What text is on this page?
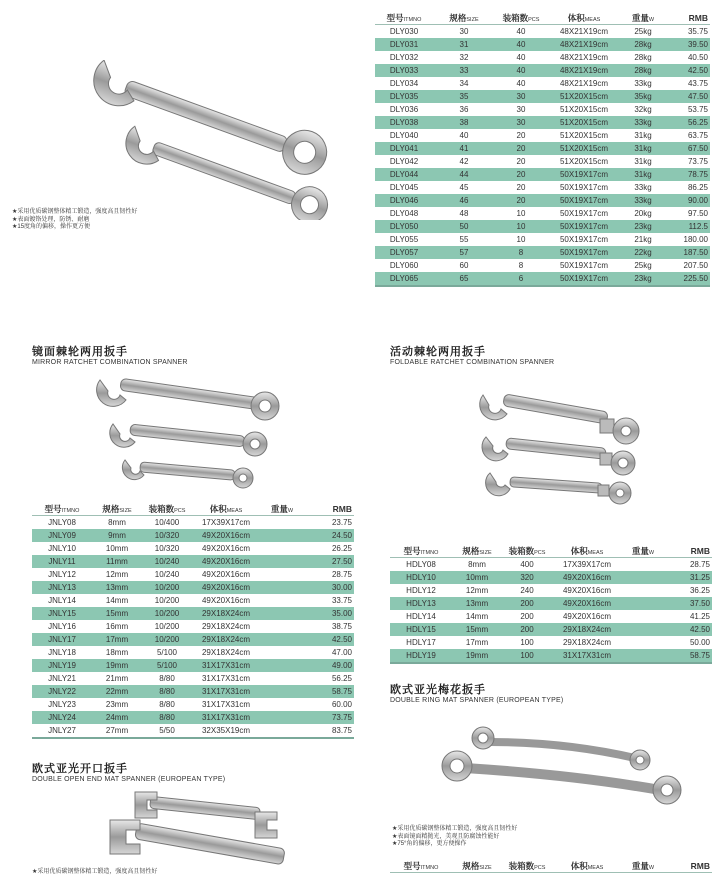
★采用优质碳钢整体精工锻造，强度高且韧性好
★表面镀铬处理，防锈、耐磨
★15度角的偏移，操作更方便
型号ITMNO	规格SIZE	装箱数PCS	体积MEAS	重量W	RMB
DLY030	30	40	48X21X19cm	25kg	35.75
DLY031	31	40	48X21X19cm	28kg	39.50
DLY032	32	40	48X21X19cm	28kg	40.50
DLY033	33	40	48X21X19cm	28kg	42.50
DLY034	34	40	48X21X19cm	33kg	43.75
DLY035	35	30	51X20X15cm	35kg	47.50
DLY036	36	30	51X20X15cm	32kg	53.75
DLY038	38	30	51X20X15cm	33kg	56.25
DLY040	40	20	51X20X15cm	31kg	63.75
DLY041	41	20	51X20X15cm	31kg	67.50
DLY042	42	20	51X20X15cm	31kg	73.75
DLY044	44	20	50X19X17cm	31kg	78.75
DLY045	45	20	50X19X17cm	33kg	86.25
DLY046	46	20	50X19X17cm	33kg	90.00
DLY048	48	10	50X19X17cm	20kg	97.50
DLY050	50	10	50X19X17cm	23kg	112.5
DLY055	55	10	50X19X17cm	21kg	180.00
DLY057	57	8	50X19X17cm	22kg	187.50
DLY060	60	8	50X19X17cm	25kg	207.50
DLY065	65	6	50X19X17cm	23kg	225.50
镜面棘轮两用扳手
MIRROR RATCHET COMBINATION SPANNER
型号ITMNO	规格SIZE	装箱数PCS	体积MEAS	重量W	RMB
JNLY08	8mm	10/400	17X39X17cm		23.75
JNLY09	9mm	10/320	49X20X16cm		24.50
JNLY10	10mm	10/320	49X20X16cm		26.25
JNLY11	11mm	10/240	49X20X16cm		27.50
JNLY12	12mm	10/240	49X20X16cm		28.75
JNLY13	13mm	10/200	49X20X16cm		30.00
JNLY14	14mm	10/200	49X20X16cm		33.75
JNLY15	15mm	10/200	29X18X24cm		35.00
JNLY16	16mm	10/200	29X18X24cm		38.75
JNLY17	17mm	10/200	29X18X24cm		42.50
JNLY18	18mm	5/100	29X18X24cm		47.00
JNLY19	19mm	5/100	31X17X31cm		49.00
JNLY21	21mm	8/80	31X17X31cm		56.25
JNLY22	22mm	8/80	31X17X31cm		58.75
JNLY23	23mm	8/80	31X17X31cm		60.00
JNLY24	24mm	8/80	31X17X31cm		73.75
JNLY27	27mm	5/50	32X35X19cm		83.75
活动棘轮两用扳手
FOLDABLE RATCHET COMBINATION SPANNER
型号ITMNO	规格SIZE	装箱数PCS	体积MEAS	重量W	RMB
HDLY08	8mm	400	17X39X17cm		28.75
HDLY10	10mm	320	49X20X16cm		31.25
HDLY12	12mm	240	49X20X16cm		36.25
HDLY13	13mm	200	49X20X16cm		37.50
HDLY14	14mm	200	49X20X16cm		41.25
HDLY15	15mm	200	29X18X24cm		42.50
HDLY17	17mm	100	29X18X24cm		50.00
HDLY19	19mm	100	31X17X31cm		58.75
欧式亚光梅花扳手
DOUBLE RING MAT SPANNER (EUROPEAN TYPE)
★采用优质碳钢整体精工锻造，强度高且韧性好
★表面镜面精抛光，美观且防腐蚀性能好
★75°角的偏移，更方便操作
型号ITMNO	规格SIZE	装箱数PCS	体积MEAS	重量W	RMB
欧式亚光开口扳手
DOUBLE OPEN END MAT SPANNER (EUROPEAN TYPE)
★采用优质碳钢整体精工锻造，强度高且韧性好
